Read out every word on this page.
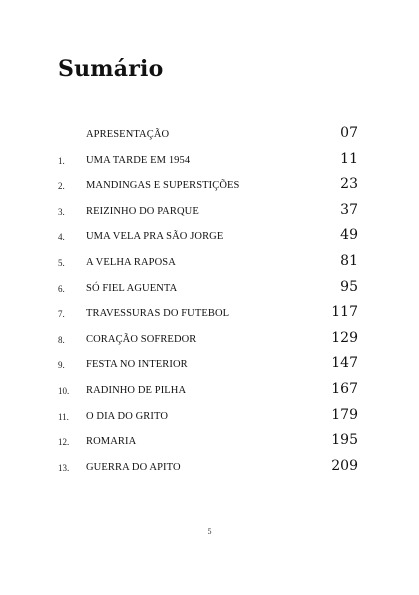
Sumário
APRESENTAÇÃO	07
1.	UMA TARDE EM 1954	11
2.	MANDINGAS E SUPERSTIÇÕES	23
3.	REIZINHO DO PARQUE	37
4.	UMA VELA PRA SÃO JORGE	49
5.	A VELHA RAPOSA	81
6.	SÓ FIEL AGUENTA	95
7.	TRAVESSURAS DO FUTEBOL	117
8.	CORAÇÃO SOFREDOR	129
9.	FESTA NO INTERIOR	147
10.	RADINHO DE PILHA	167
11.	O DIA DO GRITO	179
12.	ROMARIA	195
13.	GUERRA DO APITO	209
5
